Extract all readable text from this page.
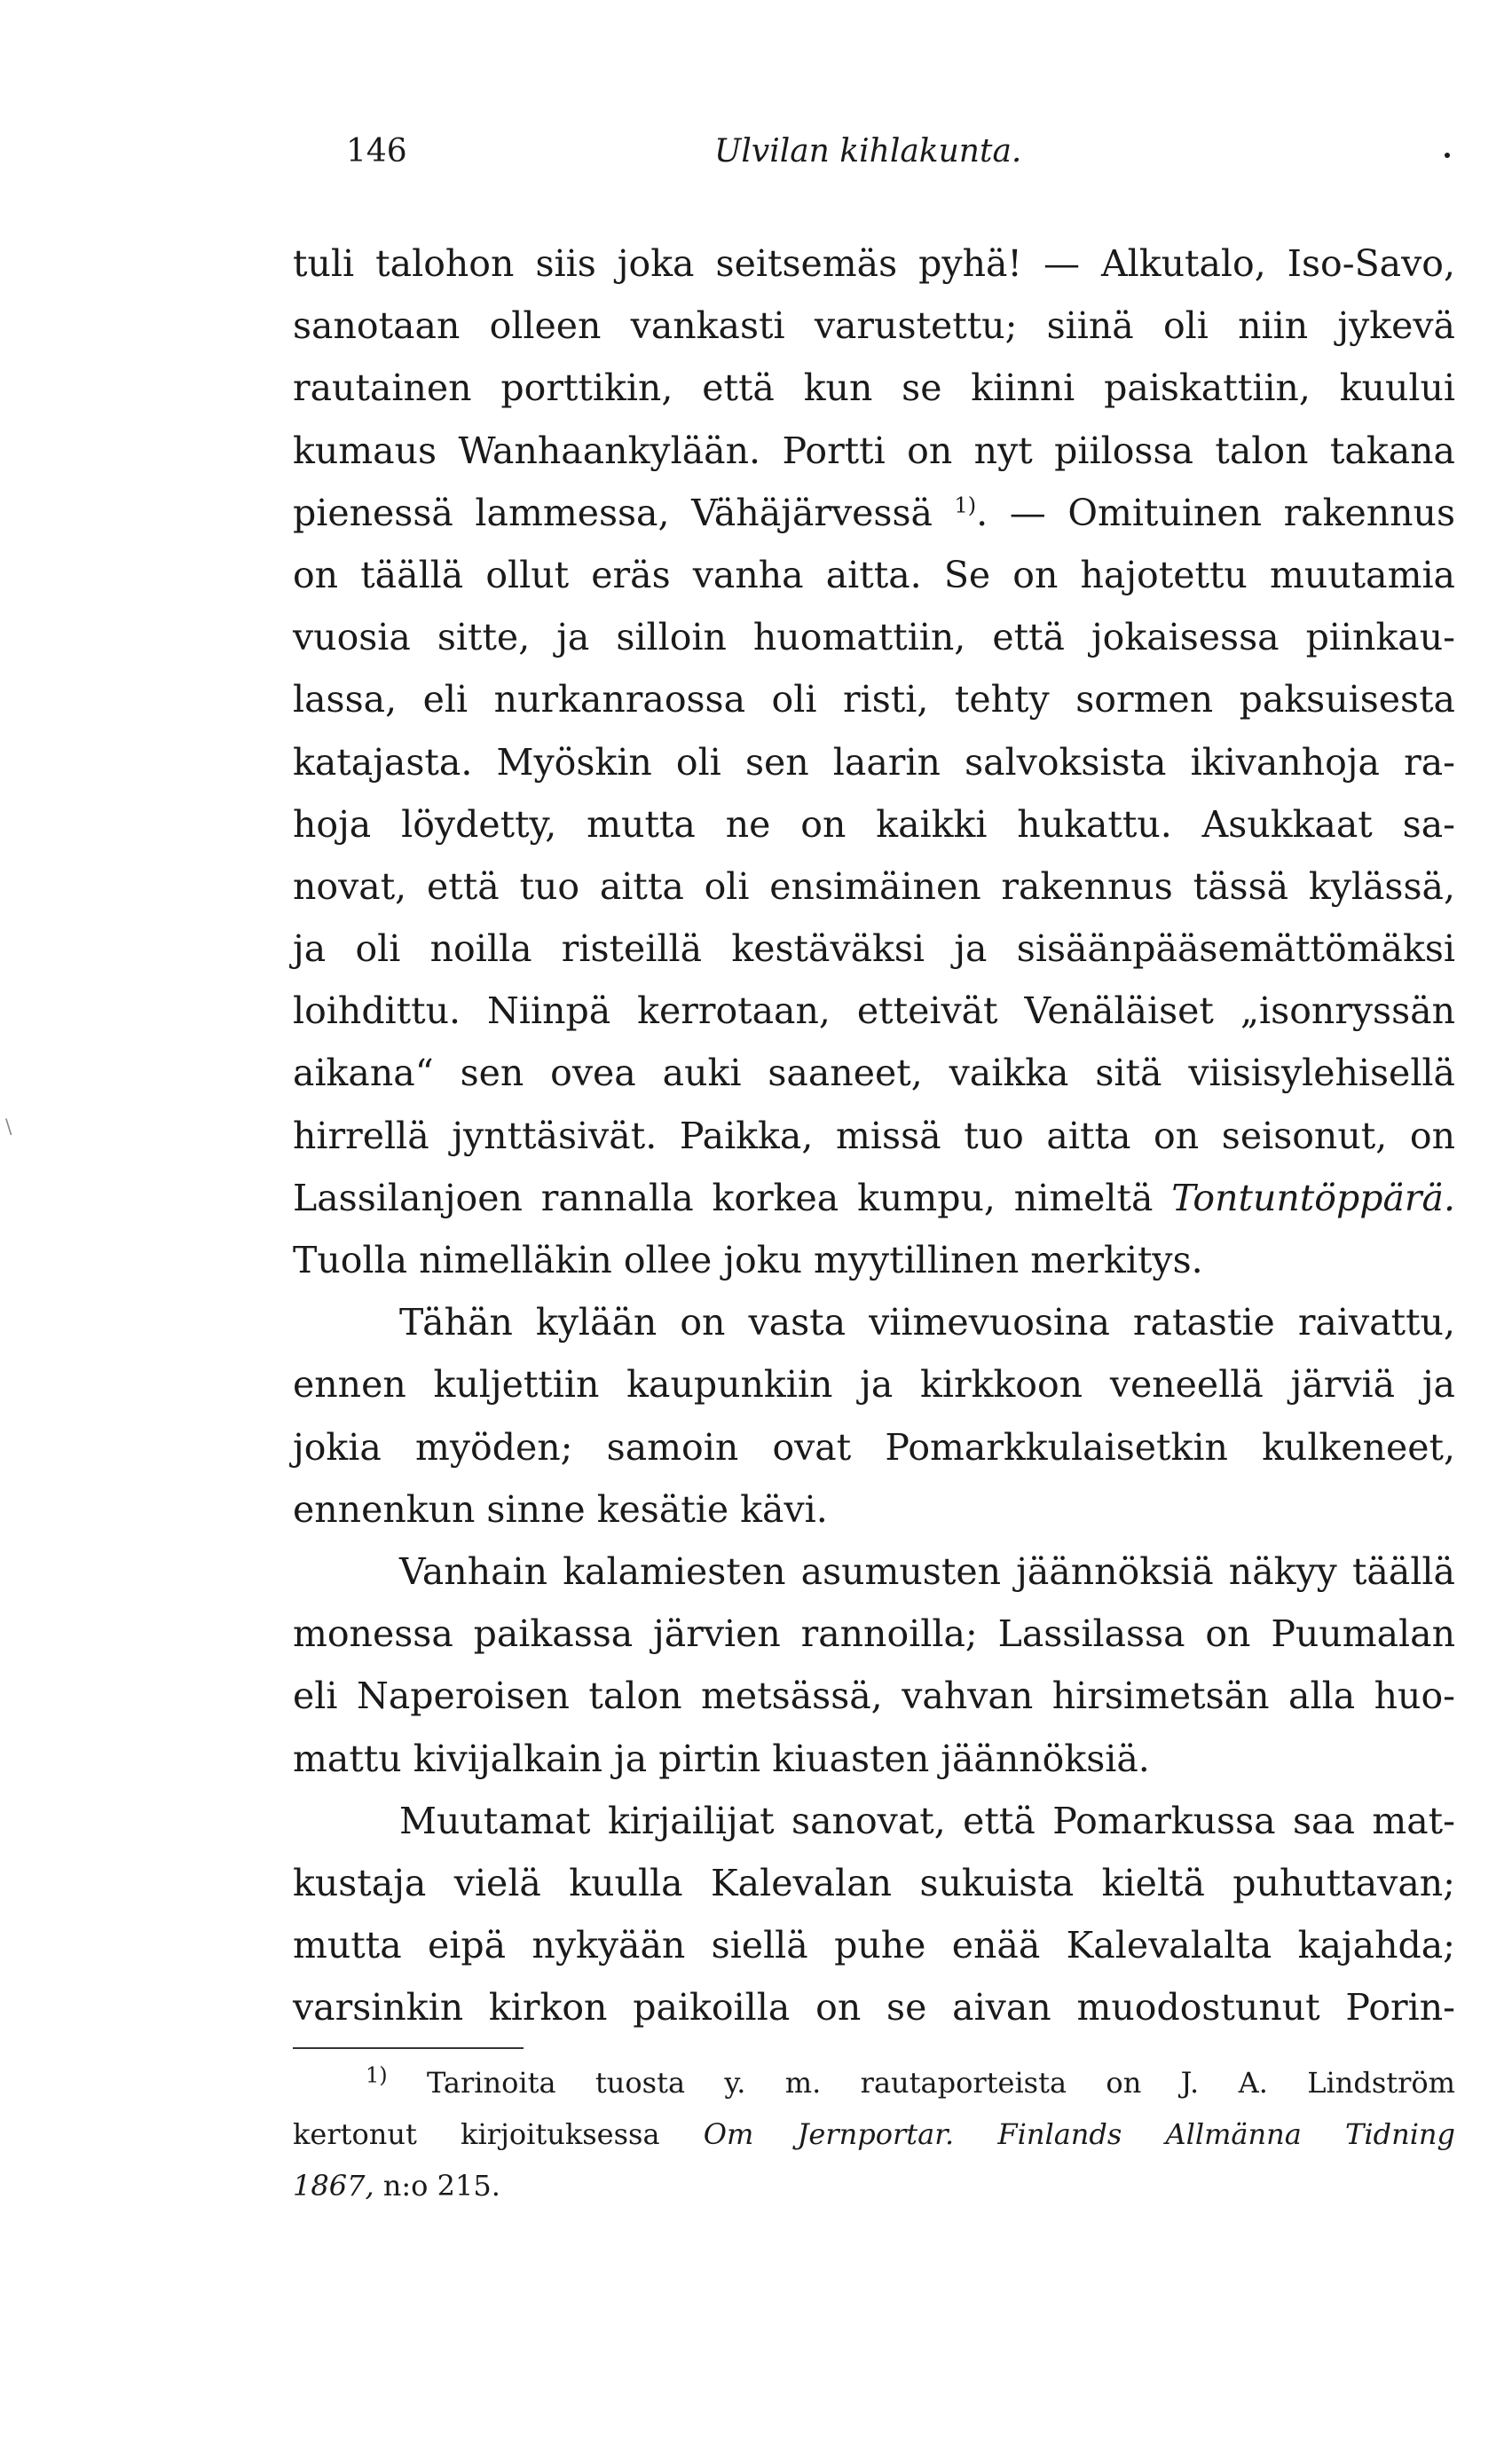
146	Ulvilan kihlakunta.
tuli talohon siis joka seitsemäs pyhä! — Alkutalo, Iso-Savo,
sanotaan olleen vankasti varustettu; siinä oli niin jykevä
rautainen porttikin, että kun se kiinni paiskattiin, kuului
kumaus Wanhaankylään. Portti on nyt piilossa talon takana
pienessä lammessa, Vähäjärvessä $^{1)}$. — Omituinen rakennus
on täällä ollut eräs vanha aitta. Se on hajotettu muutamia
vuosia sitte, ja silloin huomattiin, että jokaisessa piinkau-
lassa, eli nurkanraossa oli risti, tehty sormen paksuisesta
katajasta. Myöskin oli sen laarin salvoksista ikivanhoja ra-
hoja löydetty, mutta ne on kaikki hukattu. Asukkaat sa-
novat, että tuo aitta oli ensimäinen rakennus tässä kylässä,
ja oli noilla risteillä kestäväksi ja sisäänpääsemättömäksi
loihdittu. Niinpä kerrotaan, etteivät Venäläiset „isonryssän
aikana“ sen ovea auki saaneet, vaikka sitä viisisylehisellä
hirrellä jynttäsivät. Paikka, missä tuo aitta on seisonut, on
Lassilanjoen rannalla korkea kumpu, nimeltä Tontuntöppärä.
Tuolla nimelläkin ollee joku myytillinen merkitys.
Tähän kylään on vasta viimevuosina ratastie raivattu,
ennen kuljettiin kaupunkiin ja kirkkoon veneellä järviä ja
jokia myöden; samoin ovat Pomarkkulaisetkin kulkeneet,
ennenkun sinne kesätie kävi.
Vanhain kalamiesten asumusten jäännöksiä näkyy täällä
monessa paikassa järvien rannoilla; Lassilassa on Puumalan
eli Naperoisen talon metsässä, vahvan hirsimetsän alla huo-
mattu kivijalkain ja pirtin kiuasten jäännöksiä.
Muutamat kirjailijat sanovat, että Pomarkussa saa mat-
kustaja vielä kuulla Kalevalan sukuista kieltä puhuttavan;
mutta eipä nykyään siellä puhe enää Kalevalalta kajahda;
varsinkin kirkon paikoilla on se aivan muodostunut Porin-
$^{1)}$ Tarinoita tuosta y. m. rautaporteista on J. A. Lindström
kertonut kirjoituksessa Om Jernportar. Finlands Allmänna Tidning
1867, n:o 215.
\
